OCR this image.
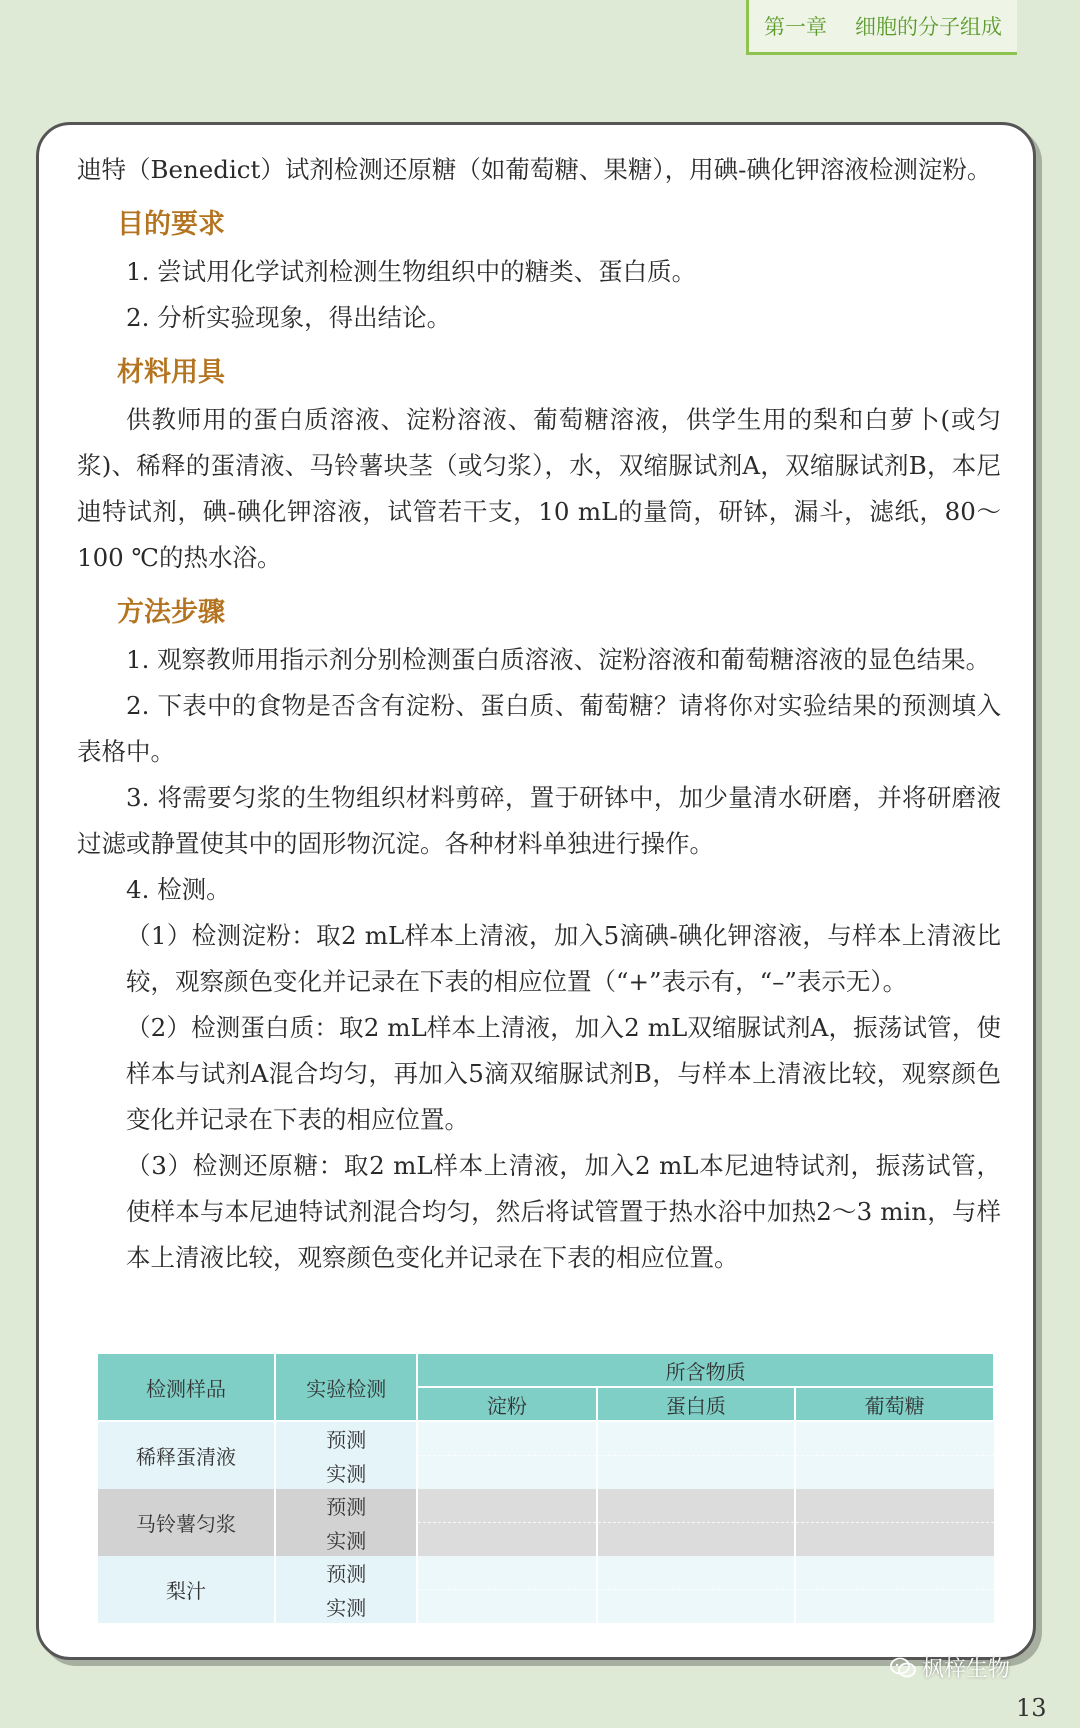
第一章 细胞的分子组成

迪特（Benedict）试剂检测还原糖（如葡萄糖、果糖），用碘-碘化钾溶液检测淀粉。

目的要求

1. 尝试用化学试剂检测生物组织中的糖类、蛋白质。

2. 分析实验现象，得出结论。

材料用具

供教师用的蛋白质溶液、淀粉溶液、葡萄糖溶液，供学生用的梨和白萝卜(或匀浆)、稀释的蛋清液、马铃薯块茎（或匀浆），水，双缩脲试剂A，双缩脲试剂B，本尼迪特试剂，碘-碘化钾溶液，试管若干支，10 mL的量筒，研钵，漏斗，滤纸，80～100 ℃的热水浴。

方法步骤

1. 观察教师用指示剂分别检测蛋白质溶液、淀粉溶液和葡萄糖溶液的显色结果。

2. 下表中的食物是否含有淀粉、蛋白质、葡萄糖？请将你对实验结果的预测填入表格中。

3. 将需要匀浆的生物组织材料剪碎，置于研钵中，加少量清水研磨，并将研磨液过滤或静置使其中的固形物沉淀。各种材料单独进行操作。

4. 检测。

（1）检测淀粉：取2 mL样本上清液，加入5滴碘-碘化钾溶液，与样本上清液比较，观察颜色变化并记录在下表的相应位置（“+”表示有，“–”表示无）。

（2）检测蛋白质：取2 mL样本上清液，加入2 mL双缩脲试剂A，振荡试管，使样本与试剂A混合均匀，再加入5滴双缩脲试剂B，与样本上清液比较，观察颜色变化并记录在下表的相应位置。

（3）检测还原糖：取2 mL样本上清液，加入2 mL本尼迪特试剂，振荡试管，使样本与本尼迪特试剂混合均匀，然后将试管置于热水浴中加热2～3 min，与样本上清液比较，观察颜色变化并记录在下表的相应位置。

检测样品	实验检测	所含物质		
		淀粉	蛋白质	葡萄糖
稀释蛋清液	预测			
	实测			
马铃薯匀浆	预测			
	实测			
梨汁	预测			
	实测			
枫梓生物
13
